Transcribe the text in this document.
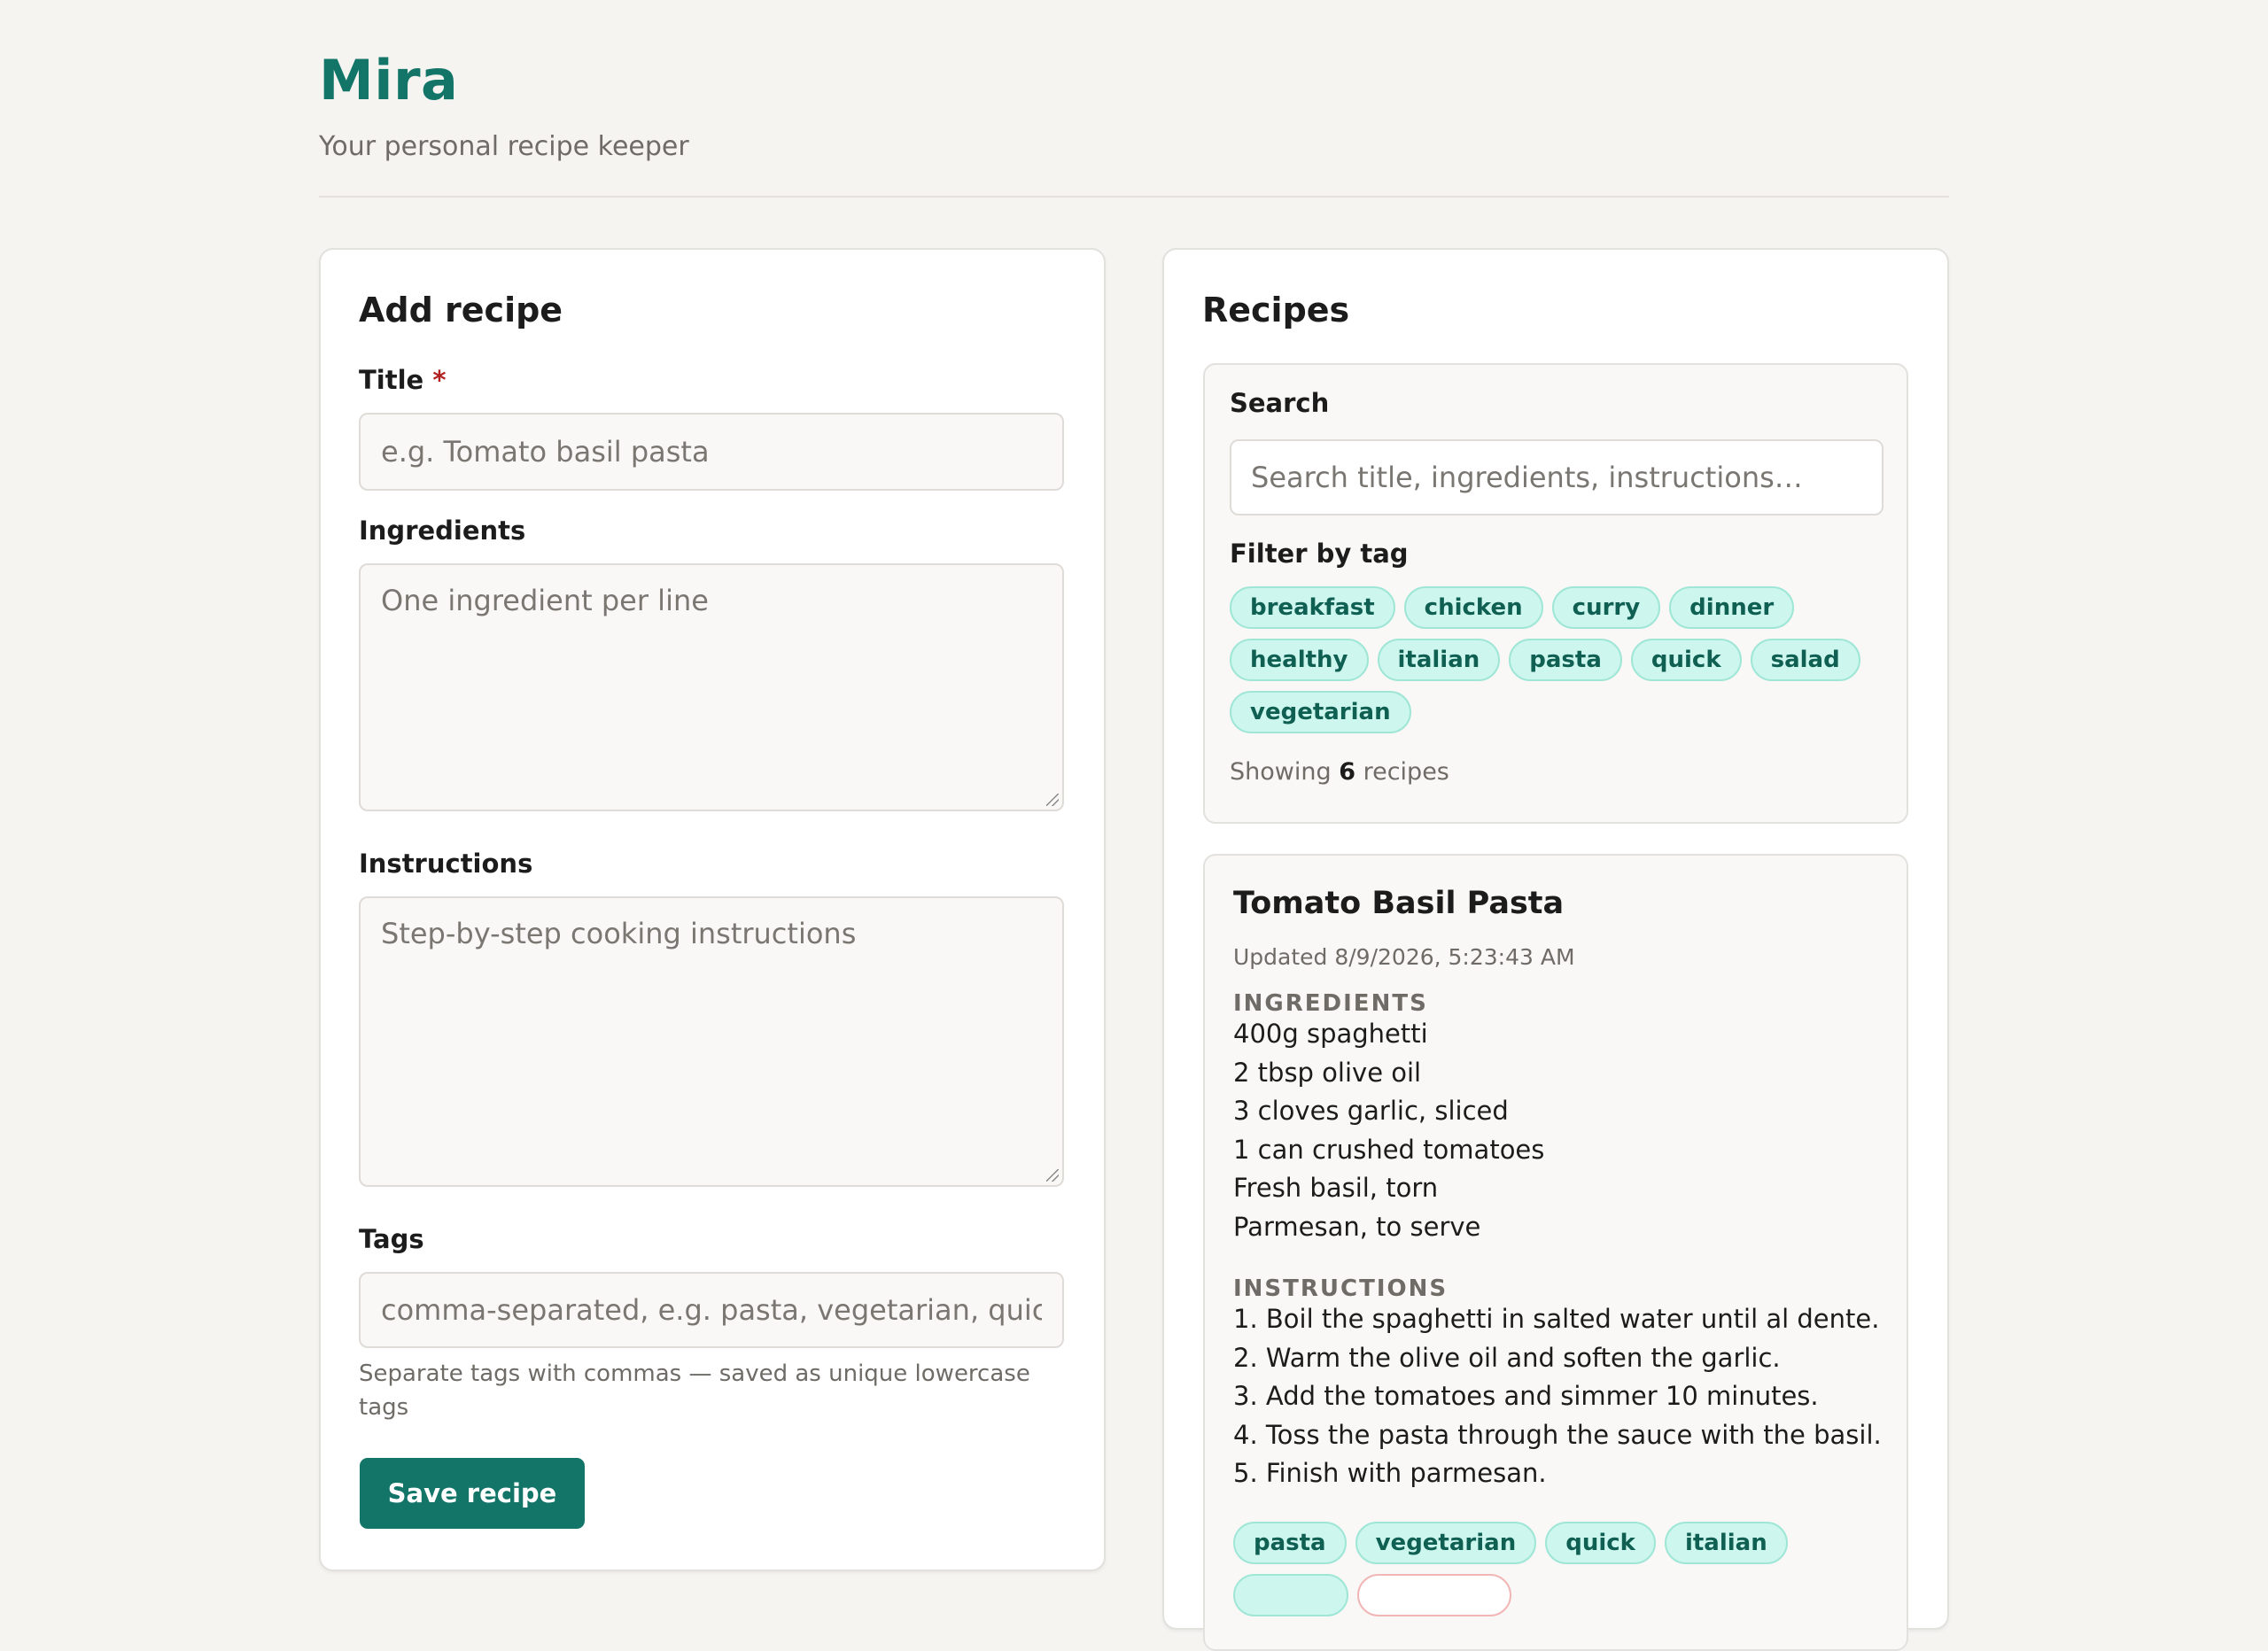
Mira
Your personal recipe keeper
Add recipe
Title *
e.g. Tomato basil pasta
Ingredients
One ingredient per line
Instructions
Step-by-step cooking instructions
Tags
comma-separated, e.g. pasta, vegetarian, quick
Separate tags with commas — saved as unique lowercase tags
Save recipe
Recipes
Search
Search title, ingredients, instructions…
Filter by tag
breakfast chicken curry dinner
healthy italian pasta quick salad
vegetarian
Showing 6 recipes
Tomato Basil Pasta
Updated 8/9/2026, 5:23:43 AM
INGREDIENTS
400g spaghetti
2 tbsp olive oil
3 cloves garlic, sliced
1 can crushed tomatoes
Fresh basil, torn
Parmesan, to serve
INSTRUCTIONS
1. Boil the spaghetti in salted water until al dente.
2. Warm the olive oil and soften the garlic.
3. Add the tomatoes and simmer 10 minutes.
4. Toss the pasta through the sauce with the basil.
5. Finish with parmesan.
pasta vegetarian quick italian
